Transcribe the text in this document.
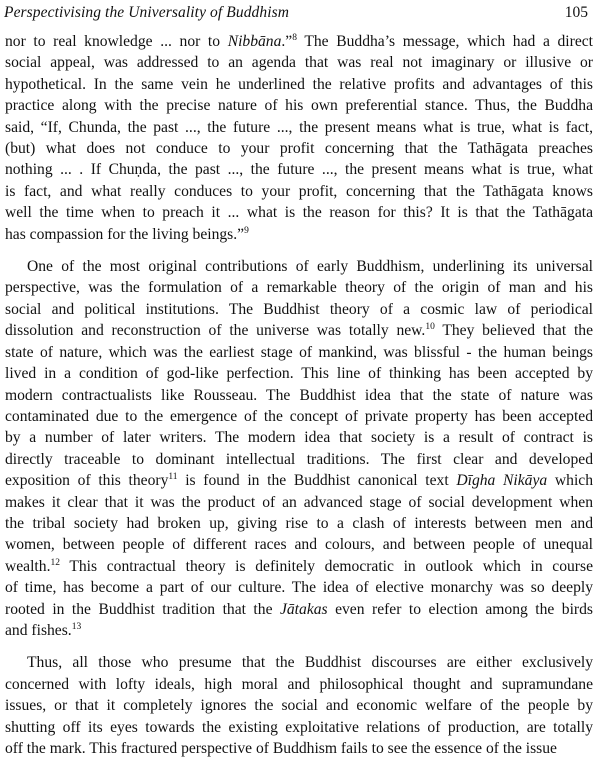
Perspectivising the Universality of Buddhism	105

nor to real knowledge ... nor to Nibbāna.”$^8$ The Buddha’s message, which had a direct
social appeal, was addressed to an agenda that was real not imaginary or illusive or
hypothetical. In the same vein he underlined the relative profits and advantages of this
practice along with the precise nature of his own preferential stance. Thus, the Buddha
said, “If, Chunda, the past ..., the future ..., the present means what is true, what is fact,
(but) what does not conduce to your profit concerning that the Tathāgata preaches
nothing ... . If Chuṇda, the past ..., the future ..., the present means what is true, what
is fact, and what really conduces to your profit, concerning that the Tathāgata knows
well the time when to preach it ... what is the reason for this? It is that the Tathāgata
has compassion for the living beings.”$^9$

One of the most original contributions of early Buddhism, underlining its universal
perspective, was the formulation of a remarkable theory of the origin of man and his
social and political institutions. The Buddhist theory of a cosmic law of periodical
dissolution and reconstruction of the universe was totally new.$^{10}$ They believed that the
state of nature, which was the earliest stage of mankind, was blissful - the human beings
lived in a condition of god-like perfection. This line of thinking has been accepted by
modern contractualists like Rousseau. The Buddhist idea that the state of nature was
contaminated due to the emergence of the concept of private property has been accepted
by a number of later writers. The modern idea that society is a result of contract is
directly traceable to dominant intellectual traditions. The first clear and developed
exposition of this theory$^{11}$ is found in the Buddhist canonical text Dīgha Nikāya which
makes it clear that it was the product of an advanced stage of social development when
the tribal society had broken up, giving rise to a clash of interests between men and
women, between people of different races and colours, and between people of unequal
wealth.$^{12}$ This contractual theory is definitely democratic in outlook which in course
of time, has become a part of our culture. The idea of elective monarchy was so deeply
rooted in the Buddhist tradition that the Jātakas even refer to election among the birds
and fishes.$^{13}$

Thus, all those who presume that the Buddhist discourses are either exclusively
concerned with lofty ideals, high moral and philosophical thought and supramundane
issues, or that it completely ignores the social and economic welfare of the people by
shutting off its eyes towards the existing exploitative relations of production, are totally
off the mark. This fractured perspective of Buddhism fails to see the essence of the issue
